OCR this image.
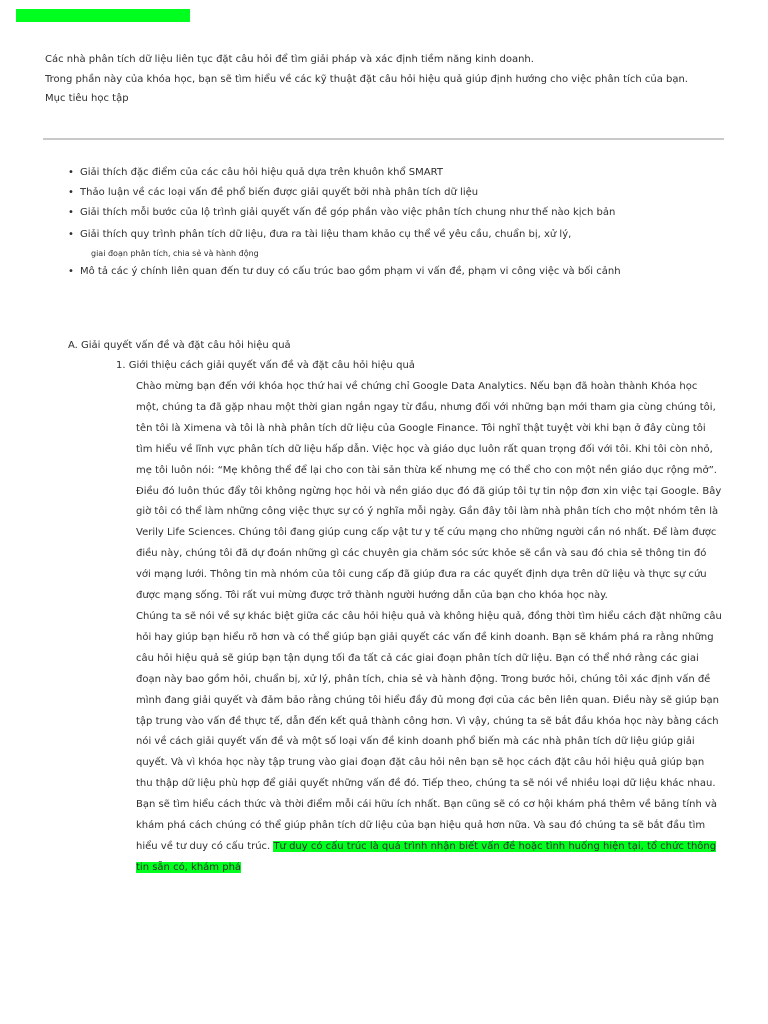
Các nhà phân tích dữ liệu liên tục đặt câu hỏi để tìm giải pháp và xác định tiềm năng kinh doanh.

Trong phần này của khóa học, bạn sẽ tìm hiểu về các kỹ thuật đặt câu hỏi hiệu quả giúp định hướng cho việc phân tích của bạn.

Mục tiêu học tập

• Giải thích đặc điểm của các câu hỏi hiệu quả dựa trên khuôn khổ SMART
• Thảo luận về các loại vấn đề phổ biến được giải quyết bởi nhà phân tích dữ liệu
• Giải thích mỗi bước của lộ trình giải quyết vấn đề góp phần vào việc phân tích chung như thế nào kịch bản
• Giải thích quy trình phân tích dữ liệu, đưa ra tài liệu tham khảo cụ thể về yêu cầu, chuẩn bị, xử lý,
giai đoạn phân tích, chia sẻ và hành động
• Mô tả các ý chính liên quan đến tư duy có cấu trúc bao gồm phạm vi vấn đề, phạm vi công việc và bối cảnh
A. Giải quyết vấn đề và đặt câu hỏi hiệu quả
1. Giới thiệu cách giải quyết vấn đề và đặt câu hỏi hiệu quả

Chào mừng bạn đến với khóa học thứ hai về chứng chỉ Google Data Analytics. Nếu bạn đã hoàn thành Khóa học một, chúng ta đã gặp nhau một thời gian ngắn ngay từ đầu, nhưng đối với những bạn mới tham gia cùng chúng tôi, tên tôi là Ximena và tôi là nhà phân tích dữ liệu của Google Finance. Tôi nghĩ thật tuyệt vời khi bạn ở đây cùng tôi tìm hiểu về lĩnh vực phân tích dữ liệu hấp dẫn. Việc học và giáo dục luôn rất quan trọng đối với tôi. Khi tôi còn nhỏ, mẹ tôi luôn nói: “Mẹ không thể để lại cho con tài sản thừa kế nhưng mẹ có thể cho con một nền giáo dục rộng mở”. Điều đó luôn thúc đẩy tôi không ngừng học hỏi và nền giáo dục đó đã giúp tôi tự tin nộp đơn xin việc tại Google. Bây giờ tôi có thể làm những công việc thực sự có ý nghĩa mỗi ngày. Gần đây tôi làm nhà phân tích cho một nhóm tên là Verily Life Sciences. Chúng tôi đang giúp cung cấp vật tư y tế cứu mạng cho những người cần nó nhất. Để làm được điều này, chúng tôi đã dự đoán những gì các chuyên gia chăm sóc sức khỏe sẽ cần và sau đó chia sẻ thông tin đó với mạng lưới. Thông tin mà nhóm của tôi cung cấp đã giúp đưa ra các quyết định dựa trên dữ liệu và thực sự cứu được mạng sống. Tôi rất vui mừng được trở thành người hướng dẫn của bạn cho khóa học này.

Chúng ta sẽ nói về sự khác biệt giữa các câu hỏi hiệu quả và không hiệu quả, đồng thời tìm hiểu cách đặt những câu hỏi hay giúp bạn hiểu rõ hơn và có thể giúp bạn giải quyết các vấn đề kinh doanh. Bạn sẽ khám phá ra rằng những câu hỏi hiệu quả sẽ giúp bạn tận dụng tối đa tất cả các giai đoạn phân tích dữ liệu. Bạn có thể nhớ rằng các giai đoạn này bao gồm hỏi, chuẩn bị, xử lý, phân tích, chia sẻ và hành động. Trong bước hỏi, chúng tôi xác định vấn đề mình đang giải quyết và đảm bảo rằng chúng tôi hiểu đầy đủ mong đợi của các bên liên quan. Điều này sẽ giúp bạn tập trung vào vấn đề thực tế, dẫn đến kết quả thành công hơn. Vì vậy, chúng ta sẽ bắt đầu khóa học này bằng cách nói về cách giải quyết vấn đề và một số loại vấn đề kinh doanh phổ biến mà các nhà phân tích dữ liệu giúp giải quyết. Và vì khóa học này tập trung vào giai đoạn đặt câu hỏi nên bạn sẽ học cách đặt câu hỏi hiệu quả giúp bạn thu thập dữ liệu phù hợp để giải quyết những vấn đề đó. Tiếp theo, chúng ta sẽ nói về nhiều loại dữ liệu khác nhau. Bạn sẽ tìm hiểu cách thức và thời điểm mỗi cái hữu ích nhất. Bạn cũng sẽ có cơ hội khám phá thêm về bảng tính và khám phá cách chúng có thể giúp phân tích dữ liệu của bạn hiệu quả hơn nữa. Và sau đó chúng ta sẽ bắt đầu tìm hiểu về tư duy có cấu trúc. Tư duy có cấu trúc là quá trình nhận biết vấn đề hoặc tình huống hiện tại, tổ chức thông tin sẵn có, khám phá
